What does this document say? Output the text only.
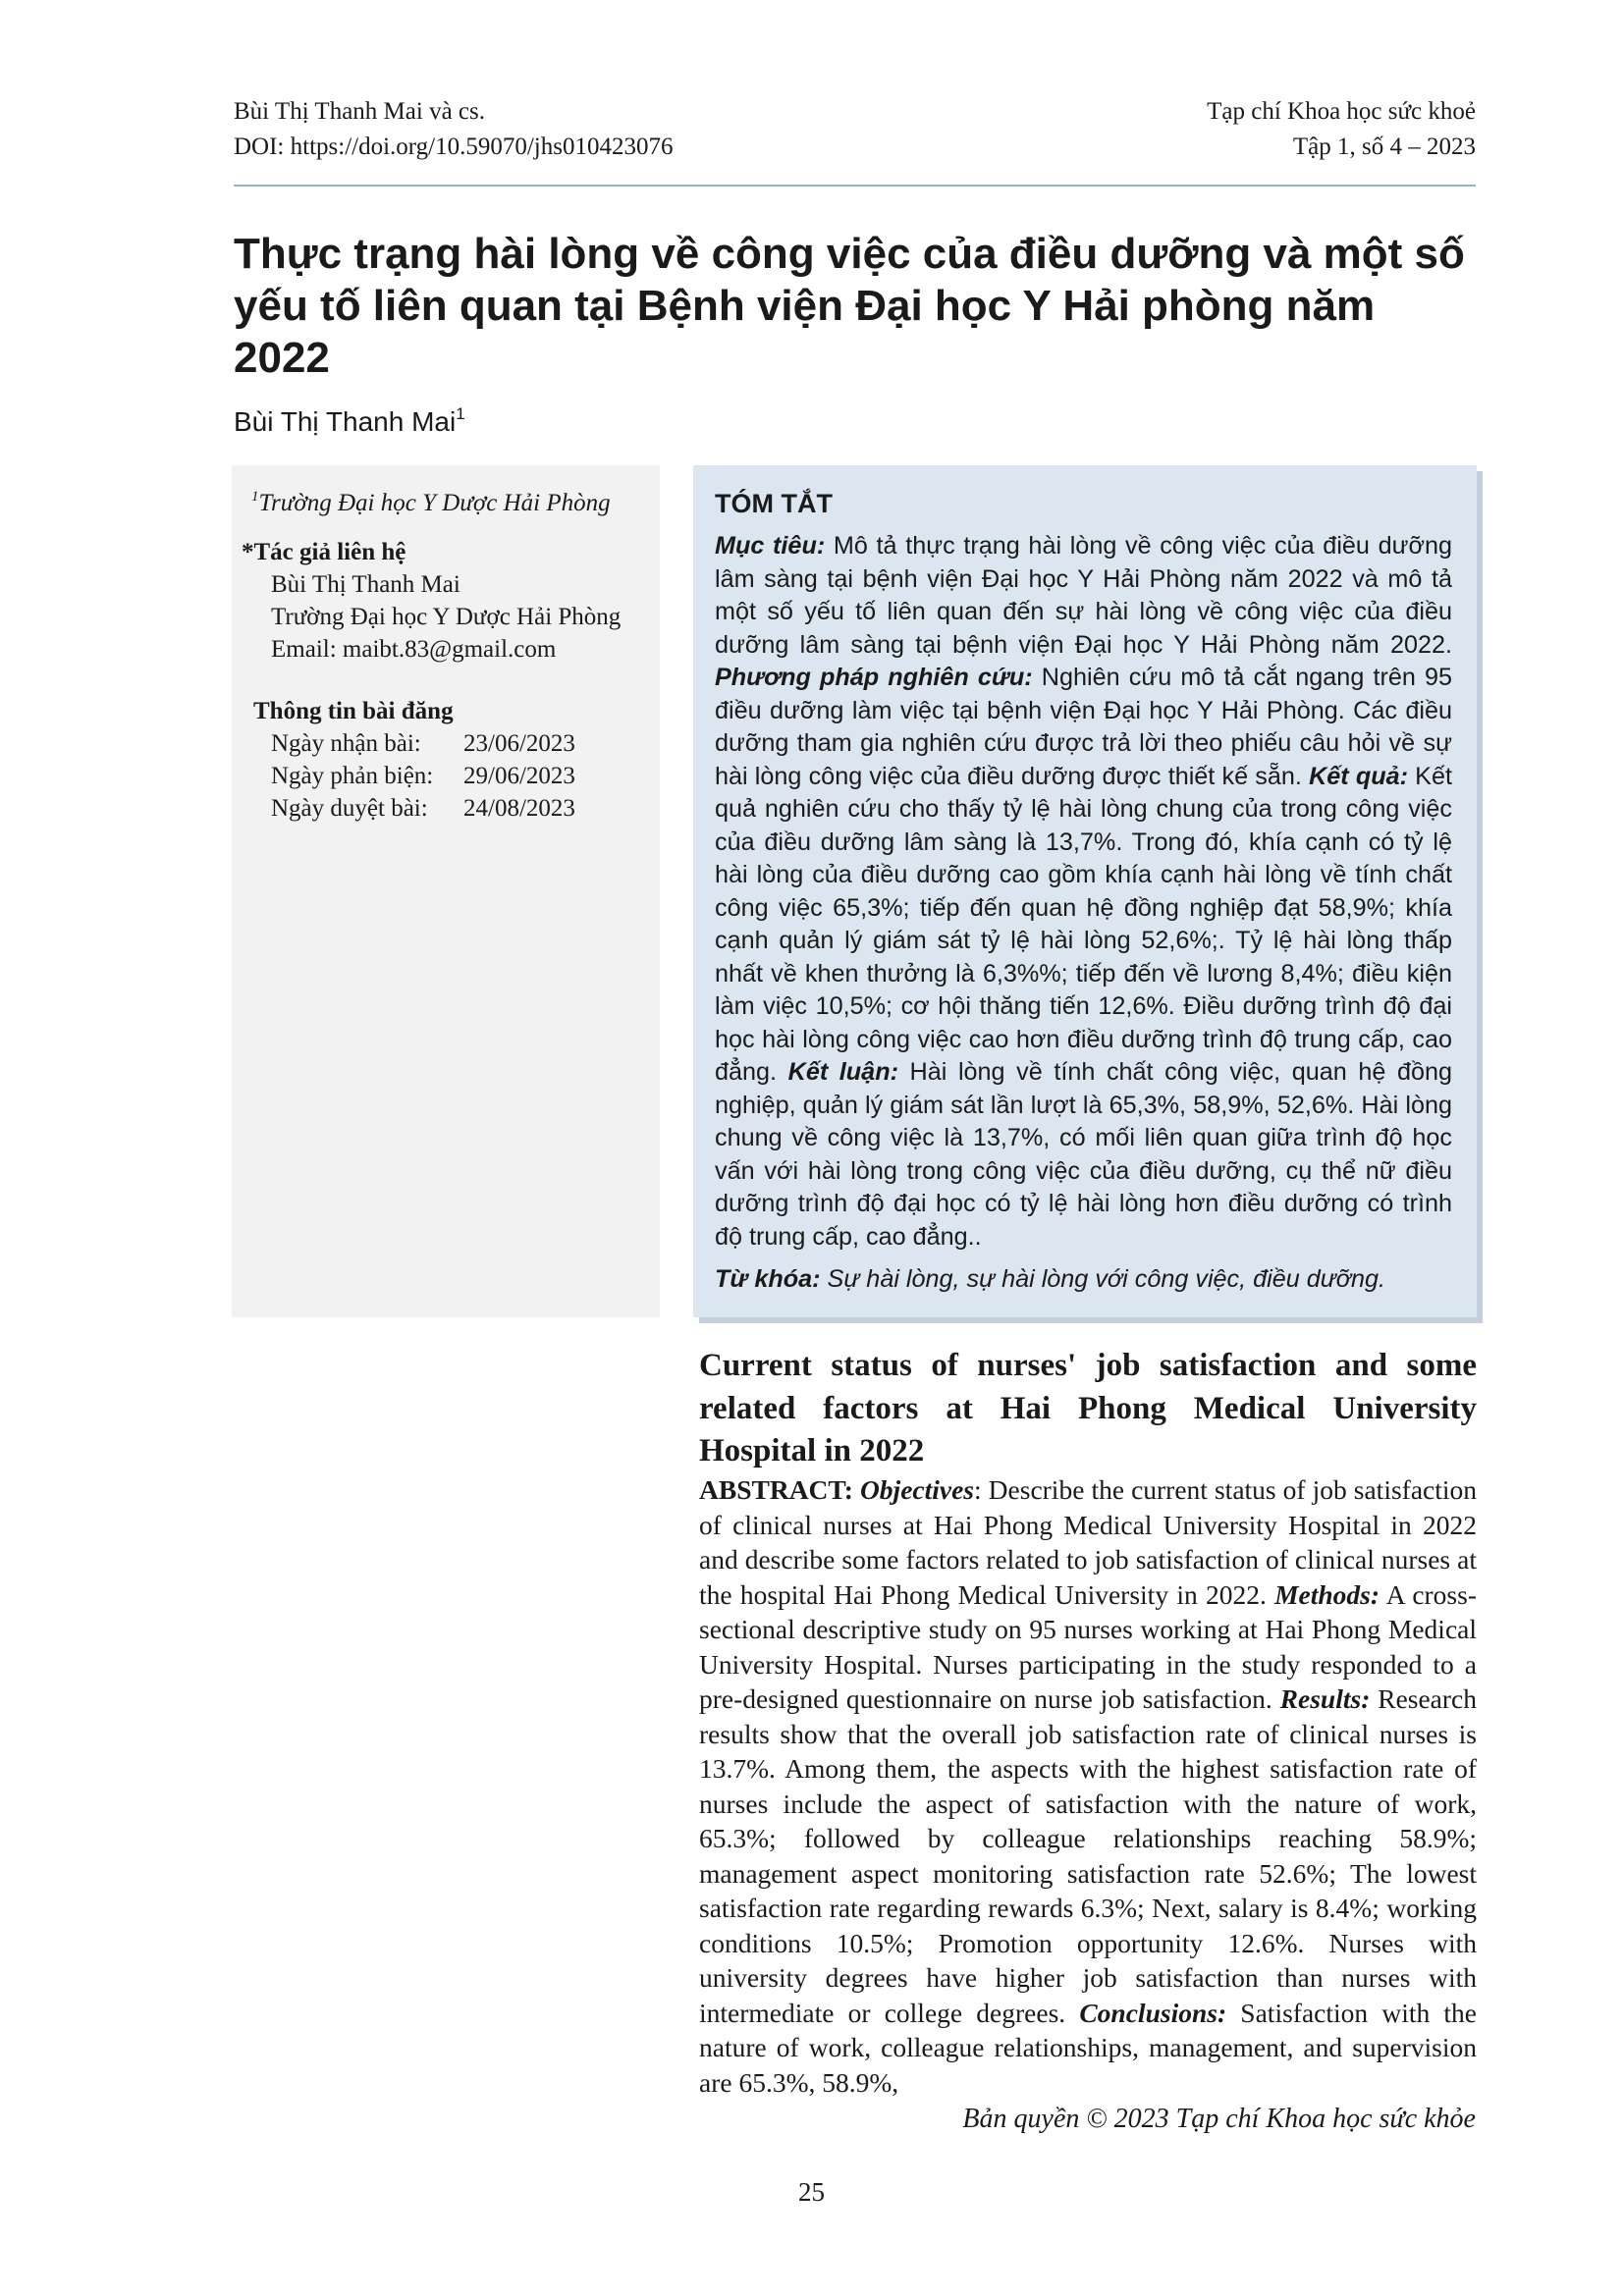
Bùi Thị Thanh Mai và cs.
DOI: https://doi.org/10.59070/jhs010423076
Tạp chí Khoa học sức khoẻ
Tập 1, số 4 – 2023
Thực trạng hài lòng về công việc của điều dưỡng và một số yếu tố liên quan tại Bệnh viện Đại học Y Hải phòng năm 2022
Bùi Thị Thanh Mai$^1$
$^1$Trường Đại học Y Dược Hải Phòng
*Tác giả liên hệ
Bùi Thị Thanh Mai
Trường Đại học Y Dược Hải Phòng
Email: maibt.83@gmail.com
Thông tin bài đăng
Ngày nhận bài: 23/06/2023
Ngày phản biện: 29/06/2023
Ngày duyệt bài: 24/08/2023
TÓM TẮT
Mục tiêu: Mô tả thực trạng hài lòng về công việc của điều dưỡng lâm sàng tại bệnh viện Đại học Y Hải Phòng năm 2022 và mô tả một số yếu tố liên quan đến sự hài lòng về công việc của điều dưỡng lâm sàng tại bệnh viện Đại học Y Hải Phòng năm 2022. Phương pháp nghiên cứu: Nghiên cứu mô tả cắt ngang trên 95 điều dưỡng làm việc tại bệnh viện Đại học Y Hải Phòng. Các điều dưỡng tham gia nghiên cứu được trả lời theo phiếu câu hỏi về sự hài lòng công việc của điều dưỡng được thiết kế sẵn. Kết quả: Kết quả nghiên cứu cho thấy tỷ lệ hài lòng chung của trong công việc của điều dưỡng lâm sàng là 13,7%. Trong đó, khía cạnh có tỷ lệ hài lòng của điều dưỡng cao gồm khía cạnh hài lòng về tính chất công việc 65,3%; tiếp đến quan hệ đồng nghiệp đạt 58,9%; khía cạnh quản lý giám sát tỷ lệ hài lòng 52,6%;. Tỷ lệ hài lòng thấp nhất về khen thưởng là 6,3%%; tiếp đến về lương 8,4%; điều kiện làm việc 10,5%; cơ hội thăng tiến 12,6%. Điều dưỡng trình độ đại học hài lòng công việc cao hơn điều dưỡng trình độ trung cấp, cao đẳng. Kết luận: Hài lòng về tính chất công việc, quan hệ đồng nghiệp, quản lý giám sát lần lượt là 65,3%, 58,9%, 52,6%. Hài lòng chung về công việc là 13,7%, có mối liên quan giữa trình độ học vấn với hài lòng trong công việc của điều dưỡng, cụ thể nữ điều dưỡng trình độ đại học có tỷ lệ hài lòng hơn điều dưỡng có trình độ trung cấp, cao đẳng..
Từ khóa: Sự hài lòng, sự hài lòng với công việc, điều dưỡng.
Current status of nurses' job satisfaction and some related factors at Hai Phong Medical University Hospital in 2022
ABSTRACT: Objectives: Describe the current status of job satisfaction of clinical nurses at Hai Phong Medical University Hospital in 2022 and describe some factors related to job satisfaction of clinical nurses at the hospital Hai Phong Medical University in 2022. Methods: A cross-sectional descriptive study on 95 nurses working at Hai Phong Medical University Hospital. Nurses participating in the study responded to a pre-designed questionnaire on nurse job satisfaction. Results: Research results show that the overall job satisfaction rate of clinical nurses is 13.7%. Among them, the aspects with the highest satisfaction rate of nurses include the aspect of satisfaction with the nature of work, 65.3%; followed by colleague relationships reaching 58.9%; management aspect monitoring satisfaction rate 52.6%; The lowest satisfaction rate regarding rewards 6.3%; Next, salary is 8.4%; working conditions 10.5%; Promotion opportunity 12.6%. Nurses with university degrees have higher job satisfaction than nurses with intermediate or college degrees. Conclusions: Satisfaction with the nature of work, colleague relationships, management, and supervision are 65.3%, 58.9%,
Bản quyền © 2023 Tạp chí Khoa học sức khỏe
25
